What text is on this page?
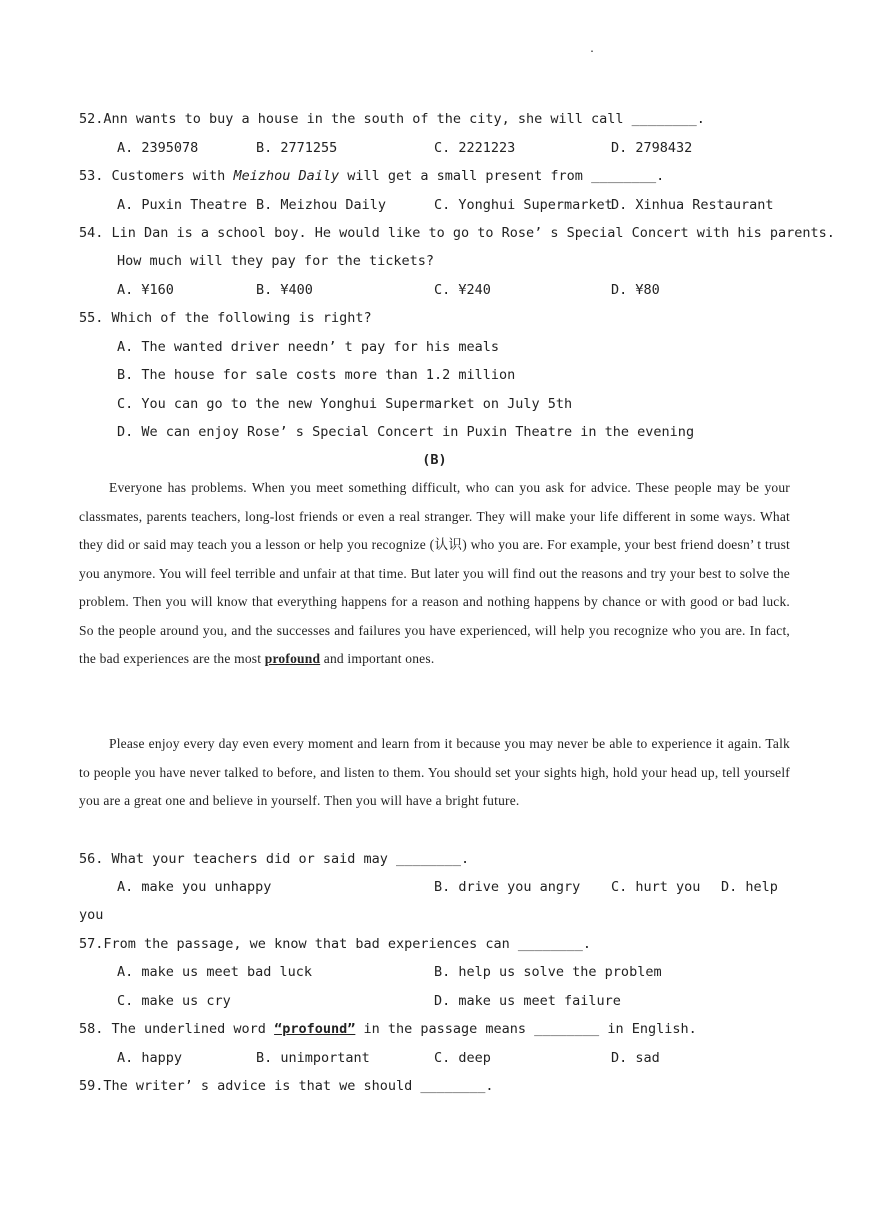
.
52.Ann wants to buy a house in the south of the city, she will call ________.
A. 2395078	B. 2771255	C. 2221223	D. 2798432
53. Customers with Meizhou Daily will get a small present from ________.
A. Puxin Theatre B. Meizhou Daily	C. Yonghui Supermarket
D. Xinhua Restaurant
54. Lin Dan is a school boy. He would like to go to Rose’ s Special Concert with his parents.
How much will they pay for the tickets?
A. ¥160	B. ¥400	C. ¥240	D. ¥80
55. Which of the following is right?
A. The wanted driver needn’ t pay for his meals
B. The house for sale costs more than 1.2 million
C. You can go to the new Yonghui Supermarket on July 5th
D. We can enjoy Rose’ s Special Concert in Puxin Theatre in the evening
(B)
Everyone has problems. When you meet something difficult, who can you ask for advice. These people may be your classmates, parents teachers, long-lost friends or even a real stranger. They will make your life different in some ways. What they did or said may teach you a lesson or help you recognize (认识) who you are. For example, your best friend doesn’ t trust you anymore. You will feel terrible and unfair at that time. But later you will find out the reasons and try your best to solve the problem. Then you will know that everything happens for a reason and nothing happens by chance or with good or bad luck. So the people around you, and the successes and failures you have experienced, will help you recognize who you are. In fact, the bad experiences are the most profound and important ones.
Please enjoy every day even every moment and learn from it because you may never be able to experience it again. Talk to people you have never talked to before, and listen to them. You should set your sights high, hold your head up, tell yourself you are a great one and believe in yourself. Then you will have a bright future.
56. What your teachers did or said may ________.
A. make you unhappy	B. drive you angry C. hurt you D. help
you
57.From the passage, we know that bad experiences can ________.
A. make us meet bad luck	B. help us solve the problem
C. make us cry	D. make us meet failure
58. The underlined word “profound” in the passage means ________ in English.
A. happy	B. unimportant	C. deep	D. sad
59.The writer’ s advice is that we should ________.
